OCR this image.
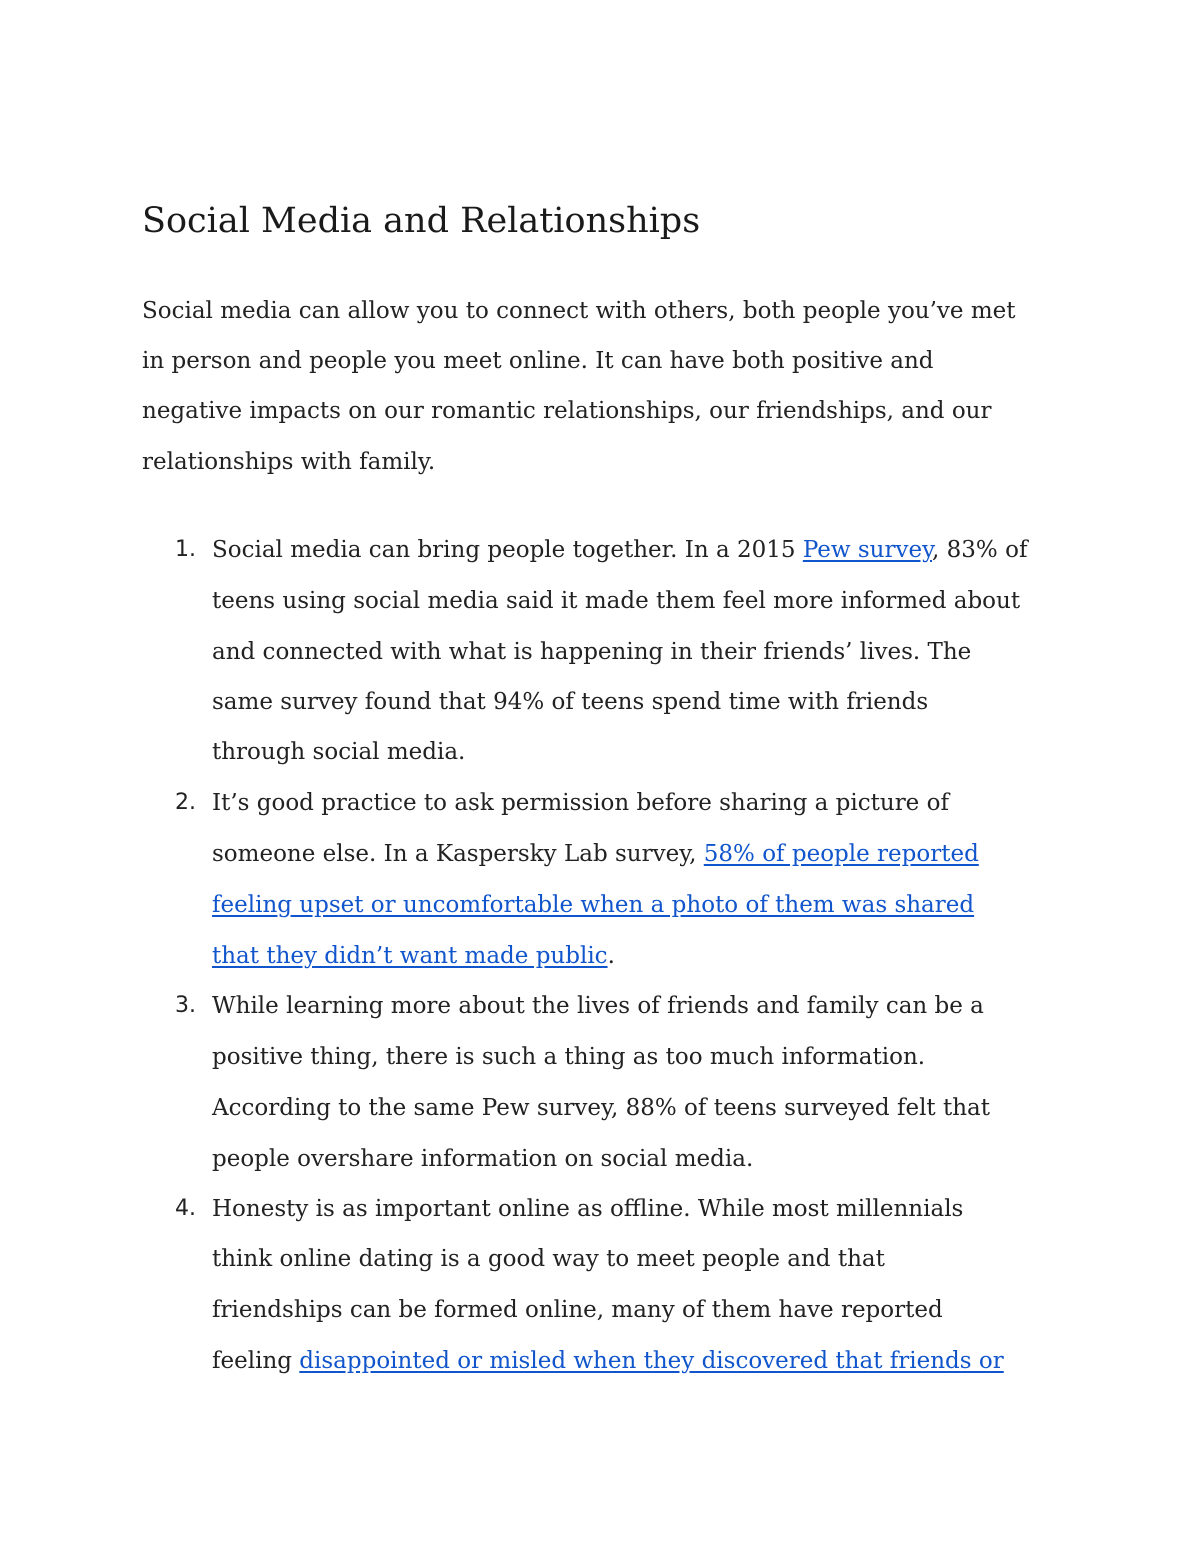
Social Media and Relationships

Social media can allow you to connect with others, both people you’ve met

in person and people you meet online. It can have both positive and

negative impacts on our romantic relationships, our friendships, and our

relationships with family.

1. Social media can bring people together. In a 2015 Pew survey, 83% of

teens using social media said it made them feel more informed about

and connected with what is happening in their friends’ lives. The

same survey found that 94% of teens spend time with friends

through social media.

2. It’s good practice to ask permission before sharing a picture of

someone else. In a Kaspersky Lab survey, 58% of people reported

feeling upset or uncomfortable when a photo of them was shared

that they didn’t want made public.

3. While learning more about the lives of friends and family can be a

positive thing, there is such a thing as too much information.

According to the same Pew survey, 88% of teens surveyed felt that

people overshare information on social media.

4. Honesty is as important online as offline. While most millennials

think online dating is a good way to meet people and that

friendships can be formed online, many of them have reported

feeling disappointed or misled when they discovered that friends or
